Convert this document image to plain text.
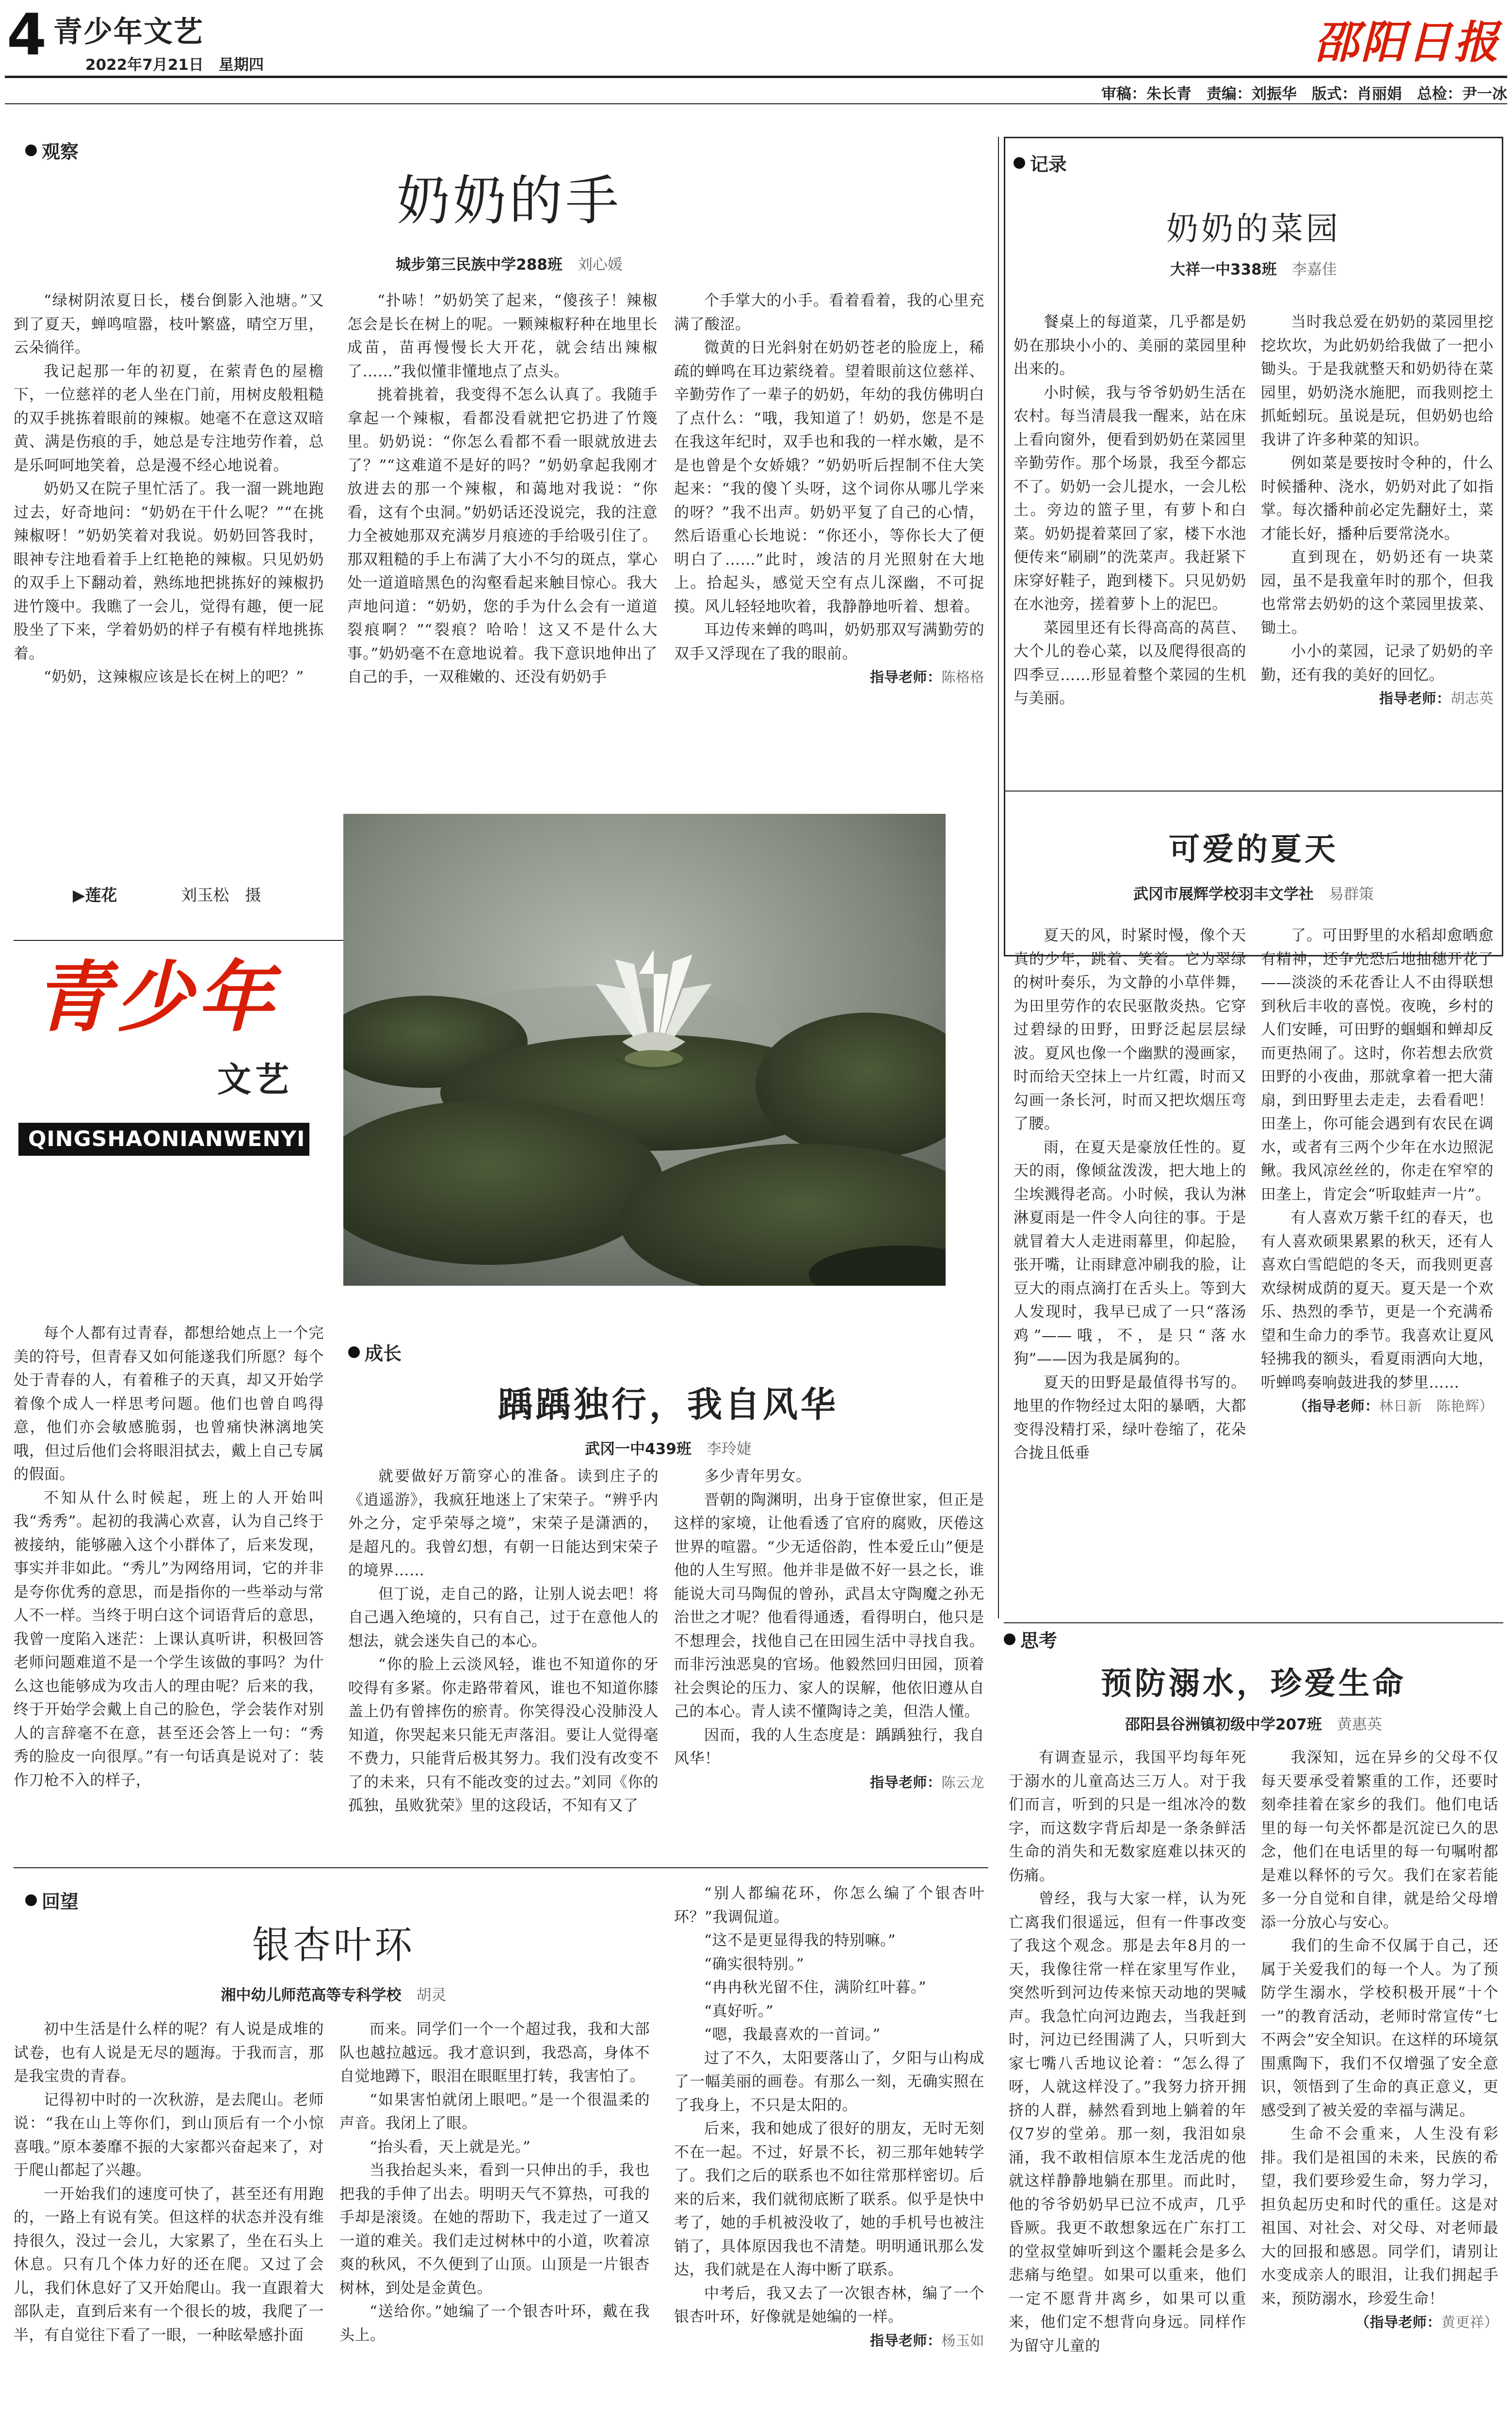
4 青少年文艺
2022年7月21日　星期四	邵阳日报
审稿：朱长青　责编：刘振华　版式：肖丽娟　总检：尹一冰
观察
奶奶的手
城步第三民族中学288班　 刘心媛

“绿树阴浓夏日长，楼台倒影入池塘。”又到了夏天，蝉鸣喧嚣，枝叶繁盛，晴空万里，云朵徜徉。

我记起那一年的初夏，在萦青色的屋檐下，一位慈祥的老人坐在门前，用树皮般粗糙的双手挑拣着眼前的辣椒。她毫不在意这双暗黄、满是伤痕的手，她总是专注地劳作着，总是乐呵呵地笑着，总是漫不经心地说着。

奶奶又在院子里忙活了。我一溜一跳地跑过去，好奇地问：“奶奶在干什么呢？”“在挑辣椒呀！”奶奶笑着对我说。奶奶回答我时，眼神专注地看着手上红艳艳的辣椒。只见奶奶的双手上下翻动着，熟练地把挑拣好的辣椒扔进竹篾中。我瞧了一会儿，觉得有趣，便一屁股坐了下来，学着奶奶的样子有模有样地挑拣着。

“奶奶，这辣椒应该是长在树上的吧？”

“扑哧！”奶奶笑了起来，“傻孩子！辣椒怎会是长在树上的呢。一颗辣椒籽种在地里长成苗，苗再慢慢长大开花，就会结出辣椒了……”我似懂非懂地点了点头。

挑着挑着，我变得不怎么认真了。我随手拿起一个辣椒，看都没看就把它扔进了竹篾里。奶奶说：“你怎么看都不看一眼就放进去了？”“这难道不是好的吗？”奶奶拿起我刚才放进去的那一个辣椒，和蔼地对我说：“你看，这有个虫洞。”奶奶话还没说完，我的注意力全被她那双充满岁月痕迹的手给吸引住了。那双粗糙的手上布满了大小不匀的斑点，掌心处一道道暗黑色的沟壑看起来触目惊心。我大声地问道：“奶奶，您的手为什么会有一道道裂痕啊？”“裂痕？哈哈！这又不是什么大事。”奶奶毫不在意地说着。我下意识地伸出了自己的手，一双稚嫩的、还没有奶奶手

个手掌大的小手。看着看着，我的心里充满了酸涩。

微黄的日光斜射在奶奶苍老的脸庞上，稀疏的蝉鸣在耳边萦绕着。望着眼前这位慈祥、辛勤劳作了一辈子的奶奶，年幼的我仿佛明白了点什么：“哦，我知道了！奶奶，您是不是在我这年纪时，双手也和我的一样水嫩，是不是也曾是个女娇娥？”奶奶听后捏制不住大笑起来：“我的傻丫头呀，这个词你从哪儿学来的呀？”我不出声。奶奶平复了自己的心情，然后语重心长地说：“你还小，等你长大了便明白了……”此时，竣洁的月光照射在大地上。拾起头，感觉天空有点儿深幽，不可捉摸。风儿轻轻地吹着，我静静地听着、想着。

耳边传来蝉的鸣叫，奶奶那双写满勤劳的双手又浮现在了我的眼前。

指导老师：陈格格

▶莲花　　　　	刘玉松　摄
青少年
文艺
QINGSHAONIANWENYI

每个人都有过青春，都想给她点上一个完美的符号，但青春又如何能遂我们所愿？每个处于青春的人，有着稚子的天真，却又开始学着像个成人一样思考问题。他们也曾自鸣得意，他们亦会敏感脆弱，也曾痛快淋漓地笑哦，但过后他们会将眼泪拭去，戴上自己专属的假面。

不知从什么时候起，班上的人开始叫我“秀秀”。起初的我满心欢喜，认为自己终于被接纳，能够融入这个小群体了，后来发现，事实并非如此。“秀儿”为网络用词，它的并非是夸你优秀的意思，而是指你的一些举动与常人不一样。当终于明白这个词语背后的意思，我曾一度陷入迷茫：上课认真听讲，积极回答老师问题难道不是一个学生该做的事吗？为什么这也能够成为攻击人的理由呢？后来的我，终于开始学会戴上自己的脸色，学会装作对别人的言辞毫不在意，甚至还会答上一句：“秀秀的脸皮一向很厚。”有一句话真是说对了：装作刀枪不入的样子，

成长
踽踽独行，我自风华
武冈一中439班　 李玲婕

就要做好万箭穿心的准备。读到庄子的《逍遥游》，我疯狂地迷上了宋荣子。“辨乎内外之分，定乎荣辱之境”，宋荣子是潇洒的，是超凡的。我曾幻想，有朝一日能达到宋荣子的境界……

但丁说，走自己的路，让别人说去吧！将自己遇入绝境的，只有自己，过于在意他人的想法，就会迷失自己的本心。

“你的脸上云淡风轻，谁也不知道你的牙咬得有多紧。你走路带着风，谁也不知道你膝盖上仍有曾摔伤的瘀青。你笑得没心没肺没人知道，你哭起来只能无声落泪。要让人觉得毫不费力，只能背后极其努力。我们没有改变不了的未来，只有不能改变的过去。”刘同《你的孤独，虽败犹荣》里的这段话，不知有又了

多少青年男女。

晋朝的陶渊明，出身于宦僚世家，但正是这样的家境，让他看透了官府的腐败，厌倦这世界的喧嚣。“少无适俗韵，性本爱丘山”便是他的人生写照。他并非是做不好一县之长，谁能说大司马陶侃的曾孙，武昌太守陶魔之孙无治世之才呢？他看得通透，看得明白，他只是不想理会，找他自己在田园生活中寻找自我。而非污浊恶臭的官场。他毅然回归田园，顶着社会舆论的压力、家人的误解，他依旧遵从自己的本心。青人读不懂陶诗之美，但浩人懂。

因而，我的人生态度是：踽踽独行，我自风华！

指导老师：陈云龙

回望
银杏叶环
湘中幼儿师范高等专科学校　 胡灵

初中生活是什么样的呢？有人说是成堆的试卷，也有人说是无尽的题海。于我而言，那是我宝贵的青春。

记得初中时的一次秋游，是去爬山。老师说：“我在山上等你们，到山顶后有一个小惊喜哦。”原本萎靡不振的大家都兴奋起来了，对于爬山都起了兴趣。

一开始我们的速度可快了，甚至还有用跑的，一路上有说有笑。但这样的状态并没有维持很久，没过一会儿，大家累了，坐在石头上休息。只有几个体力好的还在爬。又过了会儿，我们休息好了又开始爬山。我一直跟着大部队走，直到后来有一个很长的坡，我爬了一半，有自觉往下看了一眼，一种眩晕感扑面

而来。同学们一个一个超过我，我和大部队也越拉越远。我才意识到，我恐高，身体不自觉地蹲下，眼泪在眼眶里打转，我害怕了。

“如果害怕就闭上眼吧。”是一个很温柔的声音。我闭上了眼。

“抬头看，天上就是光。”

当我抬起头来，看到一只伸出的手，我也把我的手伸了出去。明明天气不算热，可我的手却是滚烫。在她的帮助下，我走过了一道又一道的难关。我们走过树林中的小道，吹着凉爽的秋风，不久便到了山顶。山顶是一片银杏树林，到处是金黄色。

“送给你。”她编了一个银杏叶环，戴在我头上。

“别人都编花环，你怎么编了个银杏叶环？”我调侃道。

“这不是更显得我的特别嘛。”

“确实很特别。”

“冉冉秋光留不住，满阶红叶暮。”

“真好听。”

“嗯，我最喜欢的一首词。”

过了不久，太阳要落山了，夕阳与山构成了一幅美丽的画卷。有那么一刻，无确实照在了我身上，不只是太阳的。

后来，我和她成了很好的朋友，无时无刻不在一起。不过，好景不长，初三那年她转学了。我们之后的联系也不如往常那样密切。后来的后来，我们就彻底断了联系。似乎是快中考了，她的手机被没收了，她的手机号也被注销了，具体原因我也不清楚。明明通讯那么发达，我们就是在人海中断了联系。

中考后，我又去了一次银杏林，编了一个银杏叶环，好像就是她编的一样。

指导老师：杨玉如

记录
奶奶的菜园
大祥一中338班　 李嘉佳

餐桌上的每道菜，几乎都是奶奶在那块小小的、美丽的菜园里种出来的。

小时候，我与爷爷奶奶生活在农村。每当清晨我一醒来，站在床上看向窗外，便看到奶奶在菜园里辛勤劳作。那个场景，我至今都忘不了。奶奶一会儿提水，一会儿松土。旁边的篮子里，有萝卜和白菜。奶奶提着菜回了家，楼下水池便传来“刷刷”的洗菜声。我赶紧下床穿好鞋子，跑到楼下。只见奶奶在水池旁，搓着萝卜上的泥巴。

菜园里还有长得高高的莴苣、大个儿的卷心菜，以及爬得很高的四季豆……形显着整个菜园的生机与美丽。

当时我总爱在奶奶的菜园里挖挖坎坎，为此奶奶给我做了一把小锄头。于是我就整天和奶奶待在菜园里，奶奶浇水施肥，而我则挖土抓蚯蚓玩。虽说是玩，但奶奶也给我讲了许多种菜的知识。

例如菜是要按时令种的，什么时候播种、浇水，奶奶对此了如指掌。每次播种前必定先翻好土，菜才能长好，播种后要常浇水。

直到现在，奶奶还有一块菜园，虽不是我童年时的那个，但我也常常去奶奶的这个菜园里拔菜、锄土。

小小的菜园，记录了奶奶的辛勤，还有我的美好的回忆。

指导老师：胡志英

可爱的夏天
武冈市展辉学校羽丰文学社　 易群策

夏天的风，时紧时慢，像个天真的少年，跳着、笑着。它为翠绿的树叶奏乐，为文静的小草伴舞，为田里劳作的农民驱散炎热。它穿过碧绿的田野，田野泛起层层绿波。夏风也像一个幽默的漫画家，时而给天空抹上一片红霞，时而又勾画一条长河，时而又把坎烟压弯了腰。

雨，在夏天是豪放任性的。夏天的雨，像倾盆泼泼，把大地上的尘埃溅得老高。小时候，我认为淋淋夏雨是一件令人向往的事。于是就冒着大人走进雨幕里，仰起脸，张开嘴，让雨肆意冲刷我的脸，让豆大的雨点滴打在舌头上。等到大人发现时，我早已成了一只“落汤鸡”——哦，不，是只“落水狗”——因为我是属狗的。

夏天的田野是最值得书写的。地里的作物经过太阳的暴晒，大都变得没精打采，绿叶卷缩了，花朵合拢且低垂

了。可田野里的水稻却愈晒愈有精神，还争先恐后地抽穗开花了——淡淡的禾花香让人不由得联想到秋后丰收的喜悦。夜晚，乡村的人们安睡，可田野的蝈蝈和蝉却反而更热闹了。这时，你若想去欣赏田野的小夜曲，那就拿着一把大蒲扇，到田野里去走走，去看看吧！田垄上，你可能会遇到有农民在调水，或者有三两个少年在水边照泥鳅。我风凉丝丝的，你走在窄窄的田垄上，肯定会“听取蛙声一片”。

有人喜欢万紫千红的春天，也有人喜欢硕果累累的秋天，还有人喜欢白雪皑皑的冬天，而我则更喜欢绿树成荫的夏天。夏天是一个欢乐、热烈的季节，更是一个充满希望和生命力的季节。我喜欢让夏风轻拂我的额头，看夏雨洒向大地，听蝉鸣奏响鼓进我的梦里……

（指导老师：林日新　陈艳辉）

思考
预防溺水，珍爱生命
邵阳县谷洲镇初级中学207班　 黄惠英

有调查显示，我国平均每年死于溺水的儿童高达三万人。对于我们而言，听到的只是一组冰冷的数字，而这数字背后却是一条条鲜活生命的消失和无数家庭难以抹灭的伤痛。

曾经，我与大家一样，认为死亡离我们很遥远，但有一件事改变了我这个观念。那是去年8月的一天，我像往常一样在家里写作业，突然听到河边传来惊天动地的哭喊声。我急忙向河边跑去，当我赶到时，河边已经围满了人，只听到大家七嘴八舌地议论着：“怎么得了呀，人就这样没了。”我努力挤开拥挤的人群，赫然看到地上躺着的年仅7岁的堂弟。那一刻，我泪如泉涌，我不敢相信原本生龙活虎的他就这样静静地躺在那里。而此时，他的爷爷奶奶早已泣不成声，几乎昏厥。我更不敢想象远在广东打工的堂叔堂婶听到这个噩耗会是多么悲痛与绝望。如果可以重来，他们一定不愿背井离乡，如果可以重来，他们定不想背向身远。同样作为留守儿童的

我深知，远在异乡的父母不仅每天要承受着繁重的工作，还要时刻牵挂着在家乡的我们。他们电话里的每一句关怀都是沉淀已久的思念，他们在电话里的每一句嘱咐都是难以释怀的亏欠。我们在家若能多一分自觉和自律，就是给父母增添一分放心与安心。

我们的生命不仅属于自己，还属于关爱我们的每一个人。为了预防学生溺水，学校积极开展“十个一”的教育活动，老师时常宣传“七不两会”安全知识。在这样的环境氛围熏陶下，我们不仅增强了安全意识，领悟到了生命的真正意义，更感受到了被关爱的幸福与满足。

生命不会重来，人生没有彩排。我们是祖国的未来，民族的希望，我们要珍爱生命，努力学习，担负起历史和时代的重任。这是对祖国、对社会、对父母、对老师最大的回报和感恩。同学们，请别让水变成亲人的眼泪，让我们拥起手来，预防溺水，珍爱生命！

（指导老师：黄更祥）
